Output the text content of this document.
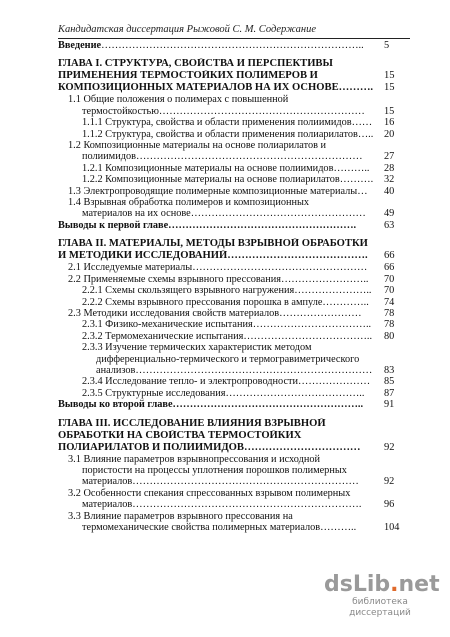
Кандидатская диссертация Рыжовой С. М. Содержание
Введение………………………………………………………………….. 5
ГЛАВА I. СТРУКТУРА, СВОЙСТВА И ПЕРСПЕКТИВЫ
ПРИМЕНЕНИЯ ТЕРМОСТОЙКИХ ПОЛИМЕРОВ И	15
КОМПОЗИЦИОННЫХ МАТЕРИАЛОВ НА ИХ ОСНОВЕ………. 15
1.1 Общие положения о полимерах с повышенной
термостойкостью…………………………………………………… 15
1.1.1 Структура, свойства и области применения полиимидов…… 16
1.1.2 Структура, свойства и области применения полиарилатов….. 20
1.2 Композиционные материалы на основе полиарилатов и
полиимидов………………………………………………………… 27
1.2.1 Композиционные материалы на основе полиимидов……….. 28
1.2.2 Композиционные материалы на основе полиарилатов………. 32
1.3 Электропроводящие полимерные композиционные материалы… 40
1.4 Взрывная обработка полимеров и композиционных
материалов на их основе…………………………………………… 49
Выводы к первой главе……………………………………………….	63
ГЛАВА II. МАТЕРИАЛЫ, МЕТОДЫ ВЗРЫВНОЙ ОБРАБОТКИ
И МЕТОДИКИ ИССЛЕДОВАНИЙ…………………………………. 66
2.1 Исследуемые материалы…………………………………………… 66
2.2 Применяемые схемы взрывного прессования…………………….. 70
2.2.1 Схемы скользящего взрывного нагружения………………….. 70
2.2.2 Схемы взрывного прессования порошка в ампуле………….. 74
2.3 Методики исследования свойств материалов…………………… 78
2.3.1 Физико-механические испытания…………………………….. 78
2.3.2 Термомеханические испытания……………………………….. 80
2.3.3 Изучение термических характеристик методом
дифференциально-термического и термогравиметрического
анализов…………………………………………………………… 83
2.3.4 Исследование тепло- и электропроводности………………… 85
2.3.5 Структурные исследования………………………………….. 87
Выводы ко второй главе……………………………………………….. 91
ГЛАВА III. ИССЛЕДОВАНИЕ ВЛИЯНИЯ ВЗРЫВНОЙ
ОБРАБОТКИ НА СВОЙСТВА ТЕРМОСТОЙКИХ
ПОЛИАРИЛАТОВ И ПОЛИИМИДОВ…………………………… 92
3.1 Влияние параметров взрывнопрессования и исходной
пористости на процессы уплотнения порошков полимерных
материалов………………………………………………………… 92
3.2 Особенности спекания спрессованных взрывом полимерных
материалов…………………………………………………………. 96
3.3 Влияние параметров взрывного прессования на
термомеханические свойства полимерных материалов………..	104
dsLib.net
библиотека диссертаций
